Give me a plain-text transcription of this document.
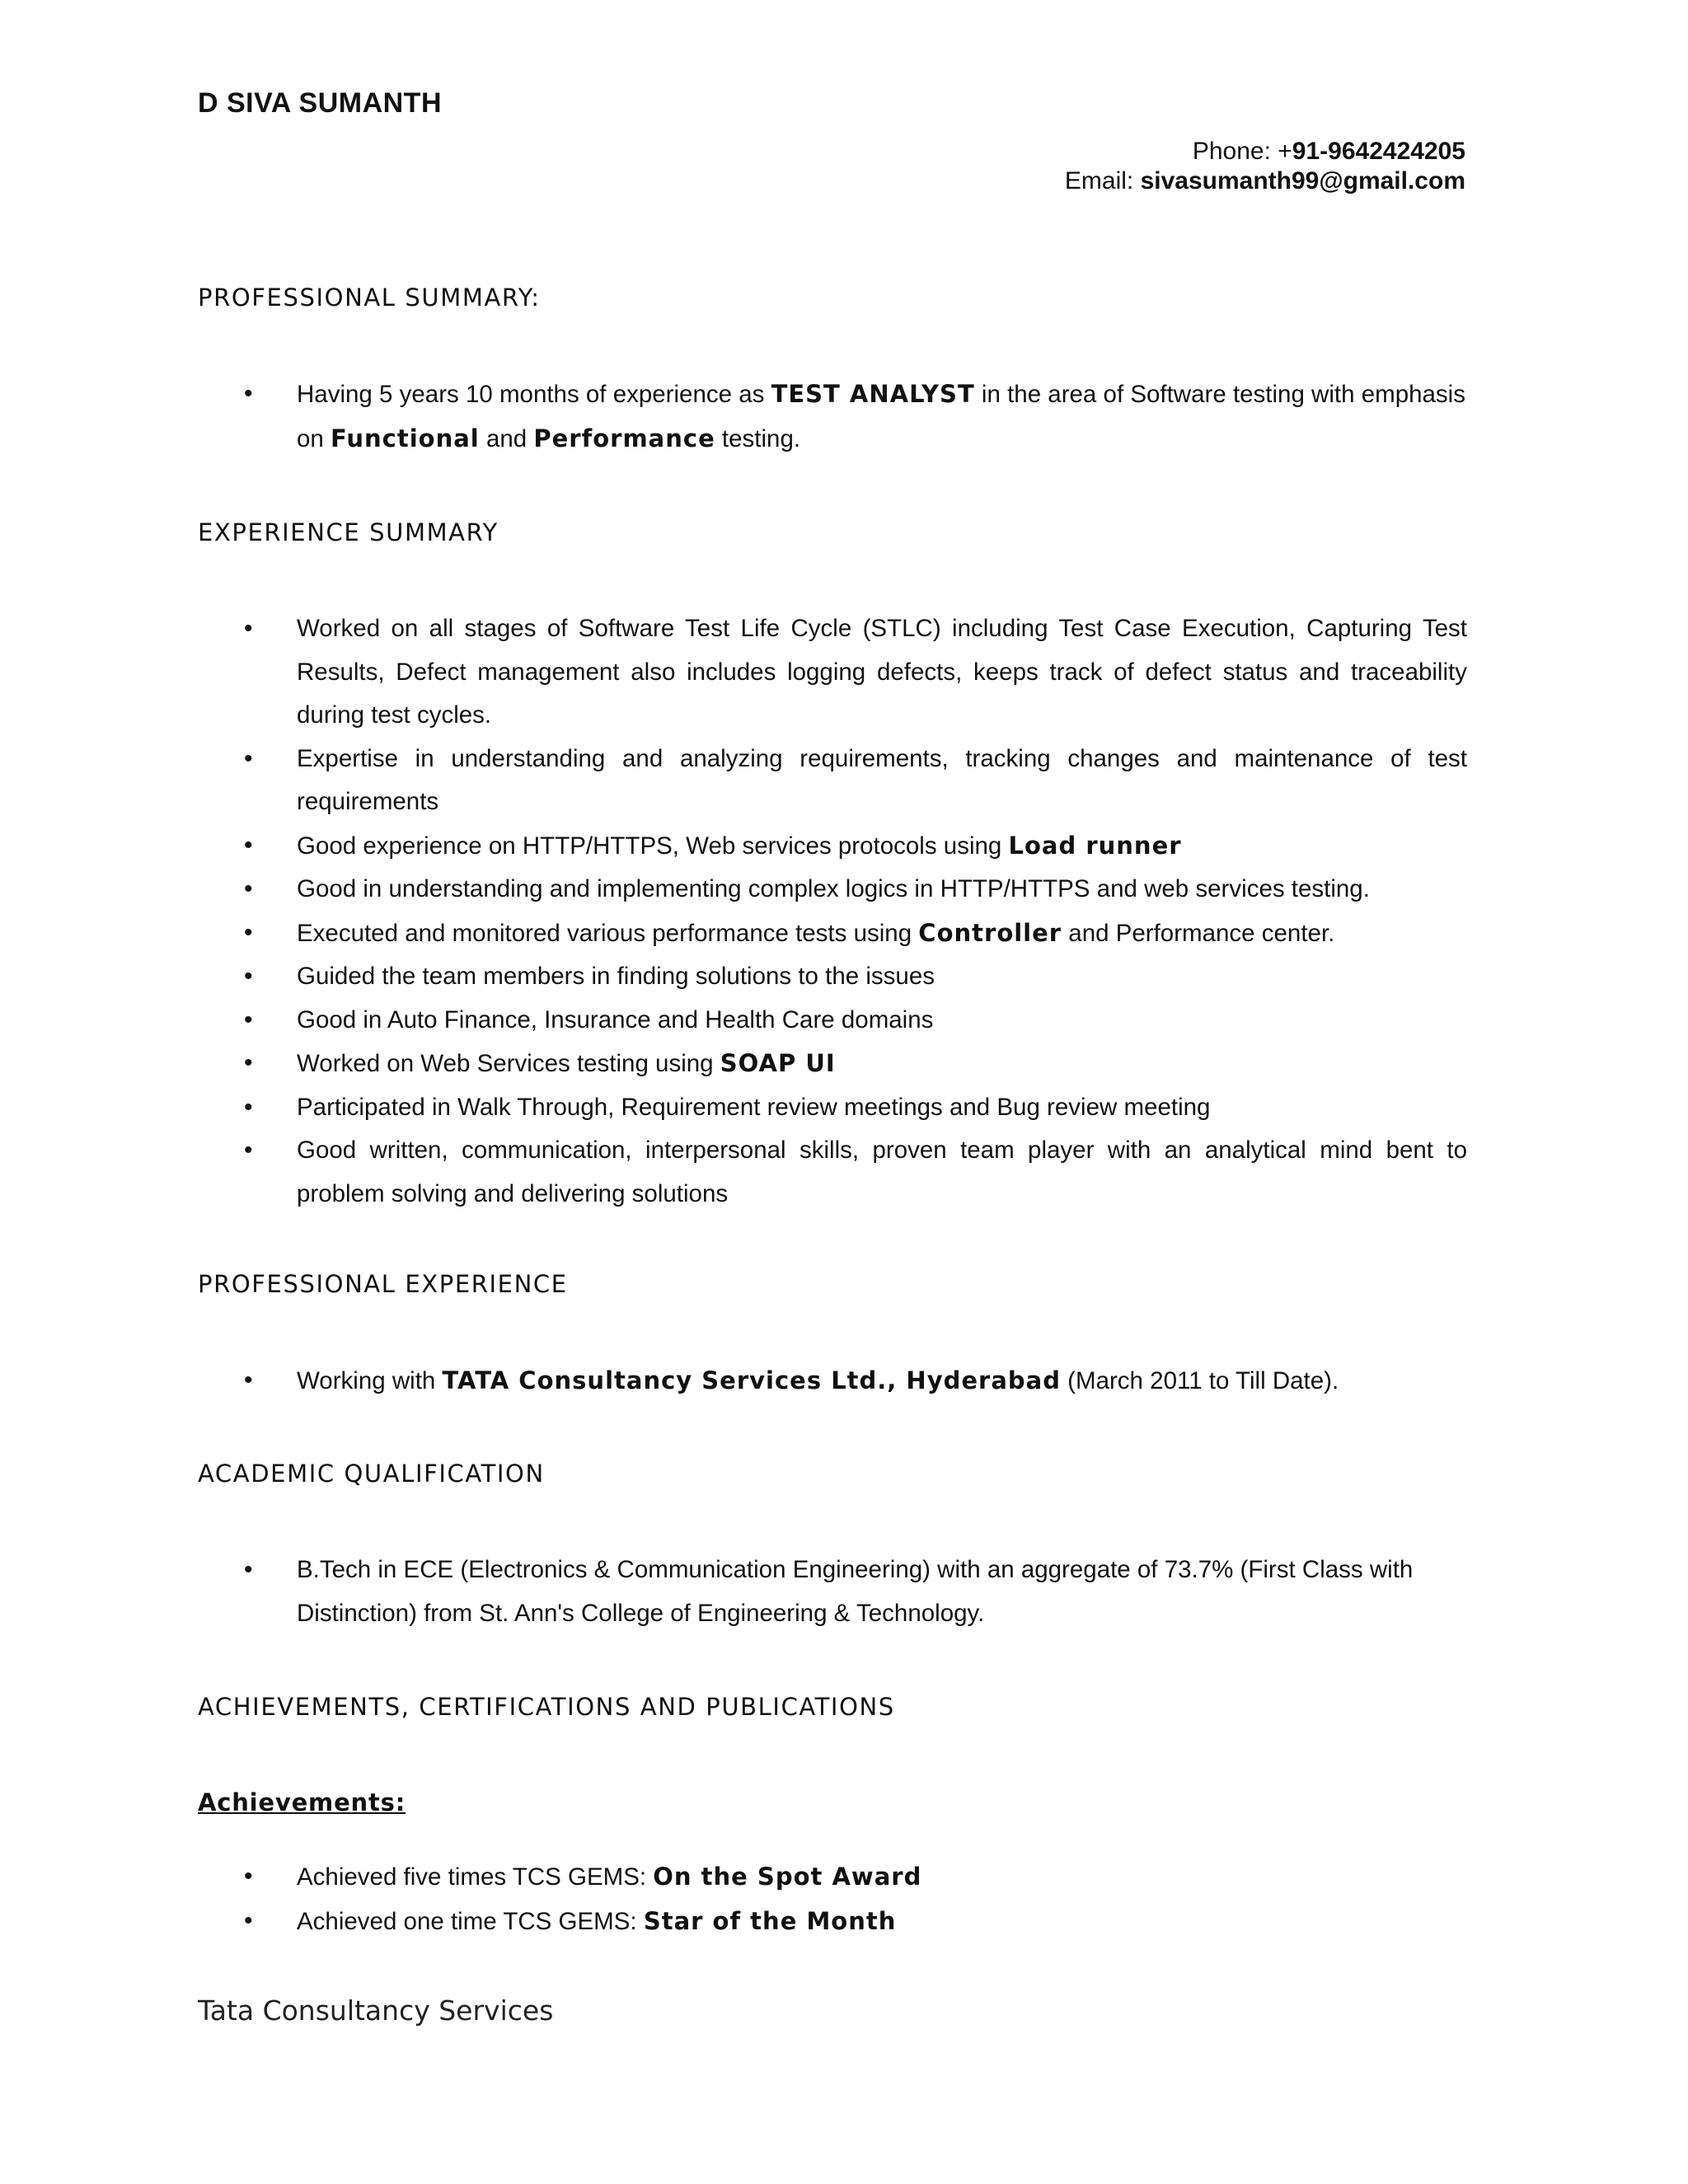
D SIVA SUMANTH
Phone: +91-9642424205
Email: sivasumanth99@gmail.com
PROFESSIONAL SUMMARY:
• Having 5 years 10 months of experience as TEST ANALYST in the area of Software testing with emphasis on Functional and Performance testing.
EXPERIENCE SUMMARY
• Worked on all stages of Software Test Life Cycle (STLC) including Test Case Execution, Capturing Test Results, Defect management also includes logging defects, keeps track of defect status and traceability during test cycles.
• Expertise in understanding and analyzing requirements, tracking changes and maintenance of test requirements
• Good experience on HTTP/HTTPS, Web services protocols using Load runner
• Good in understanding and implementing complex logics in HTTP/HTTPS and web services testing.
• Executed and monitored various performance tests using Controller and Performance center.
• Guided the team members in finding solutions to the issues
• Good in Auto Finance, Insurance and Health Care domains
• Worked on Web Services testing using SOAP UI
• Participated in Walk Through, Requirement review meetings and Bug review meeting
• Good written, communication, interpersonal skills, proven team player with an analytical mind bent to problem solving and delivering solutions
PROFESSIONAL EXPERIENCE
• Working with TATA Consultancy Services Ltd., Hyderabad (March 2011 to Till Date).
ACADEMIC QUALIFICATION
• B.Tech in ECE (Electronics & Communication Engineering) with an aggregate of 73.7% (First Class with Distinction) from St. Ann's College of Engineering & Technology.
ACHIEVEMENTS, CERTIFICATIONS AND PUBLICATIONS
Achievements:
• Achieved five times TCS GEMS: On the Spot Award
• Achieved one time TCS GEMS: Star of the Month
Tata Consultancy Services
